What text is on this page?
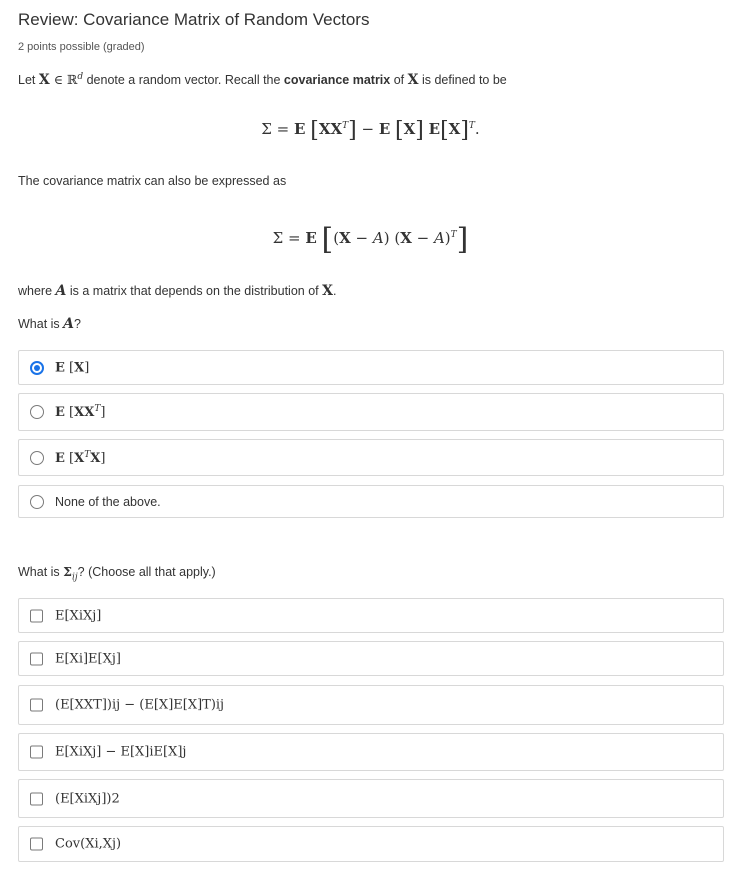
Review: Covariance Matrix of Random Vectors
2 points possible (graded)
Let X ∈ ℝ$^d$ denote a random vector. Recall the covariance matrix of X is defined to be
Σ = E $[XX^T] - E$ [X] $E[X]^T$.
The covariance matrix can also be expressed as
Σ = E [(X − A) $(X - A)^T$]
where A is a matrix that depends on the distribution of X.
What is A?
E [X]
E $[XX^T]$
E $[X^TX]$
None of the above.
What is $\Sigma_{ij}$? (Choose all that apply.)
E[XiXj]
E[Xi]E[Xj]
(E[XXT])ij − (E[X]E[X]T)ij
E[XiXj] − E[X]iE[X]j
(E[XiXj])2
Cov(Xi,Xj)
